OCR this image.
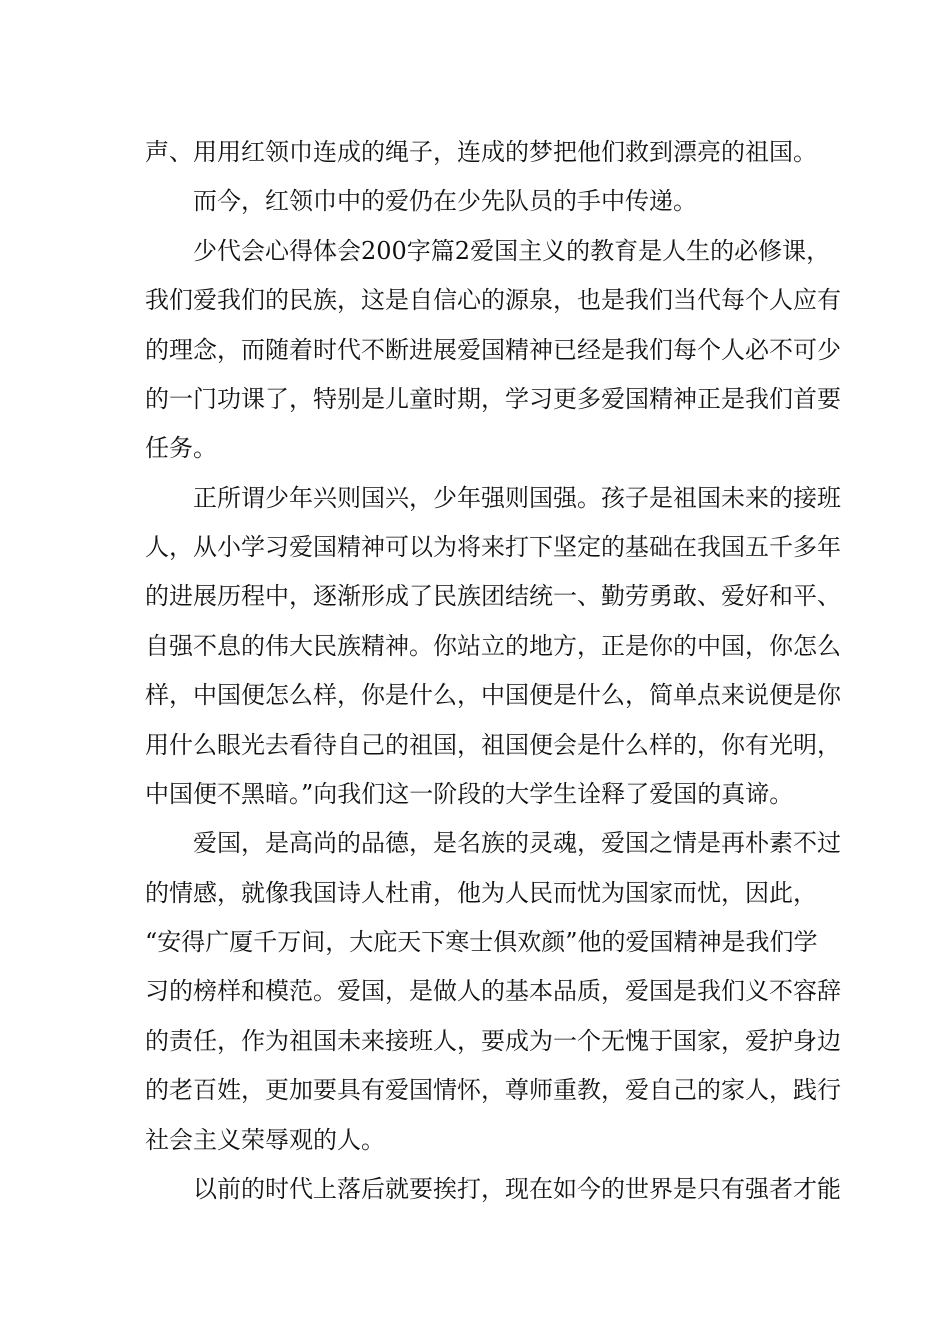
声、用用红领巾连成的绳子，连成的梦把他们救到漂亮的祖国。
而今，红领巾中的爱仍在少先队员的手中传递。
少代会心得体会200字篇2爱国主义的教育是人生的必修课，
我们爱我们的民族，这是自信心的源泉，也是我们当代每个人应有
的理念，而随着时代不断进展爱国精神已经是我们每个人必不可少
的一门功课了，特别是儿童时期，学习更多爱国精神正是我们首要
任务。
正所谓少年兴则国兴，少年强则国强。孩子是祖国未来的接班
人，从小学习爱国精神可以为将来打下坚定的基础在我国五千多年
的进展历程中，逐渐形成了民族团结统一、勤劳勇敢、爱好和平、
自强不息的伟大民族精神。你站立的地方，正是你的中国，你怎么
样，中国便怎么样，你是什么，中国便是什么，简单点来说便是你
用什么眼光去看待自己的祖国，祖国便会是什么样的，你有光明，
中国便不黑暗。”向我们这一阶段的大学生诠释了爱国的真谛。
爱国，是高尚的品德，是名族的灵魂，爱国之情是再朴素不过
的情感，就像我国诗人杜甫，他为人民而忧为国家而忧，因此，
“安得广厦千万间，大庇天下寒士俱欢颜”他的爱国精神是我们学
习的榜样和模范。爱国，是做人的基本品质，爱国是我们义不容辞
的责任，作为祖国未来接班人，要成为一个无愧于国家，爱护身边
的老百姓，更加要具有爱国情怀，尊师重教，爱自己的家人，践行
社会主义荣辱观的人。
以前的时代上落后就要挨打，现在如今的世界是只有强者才能
